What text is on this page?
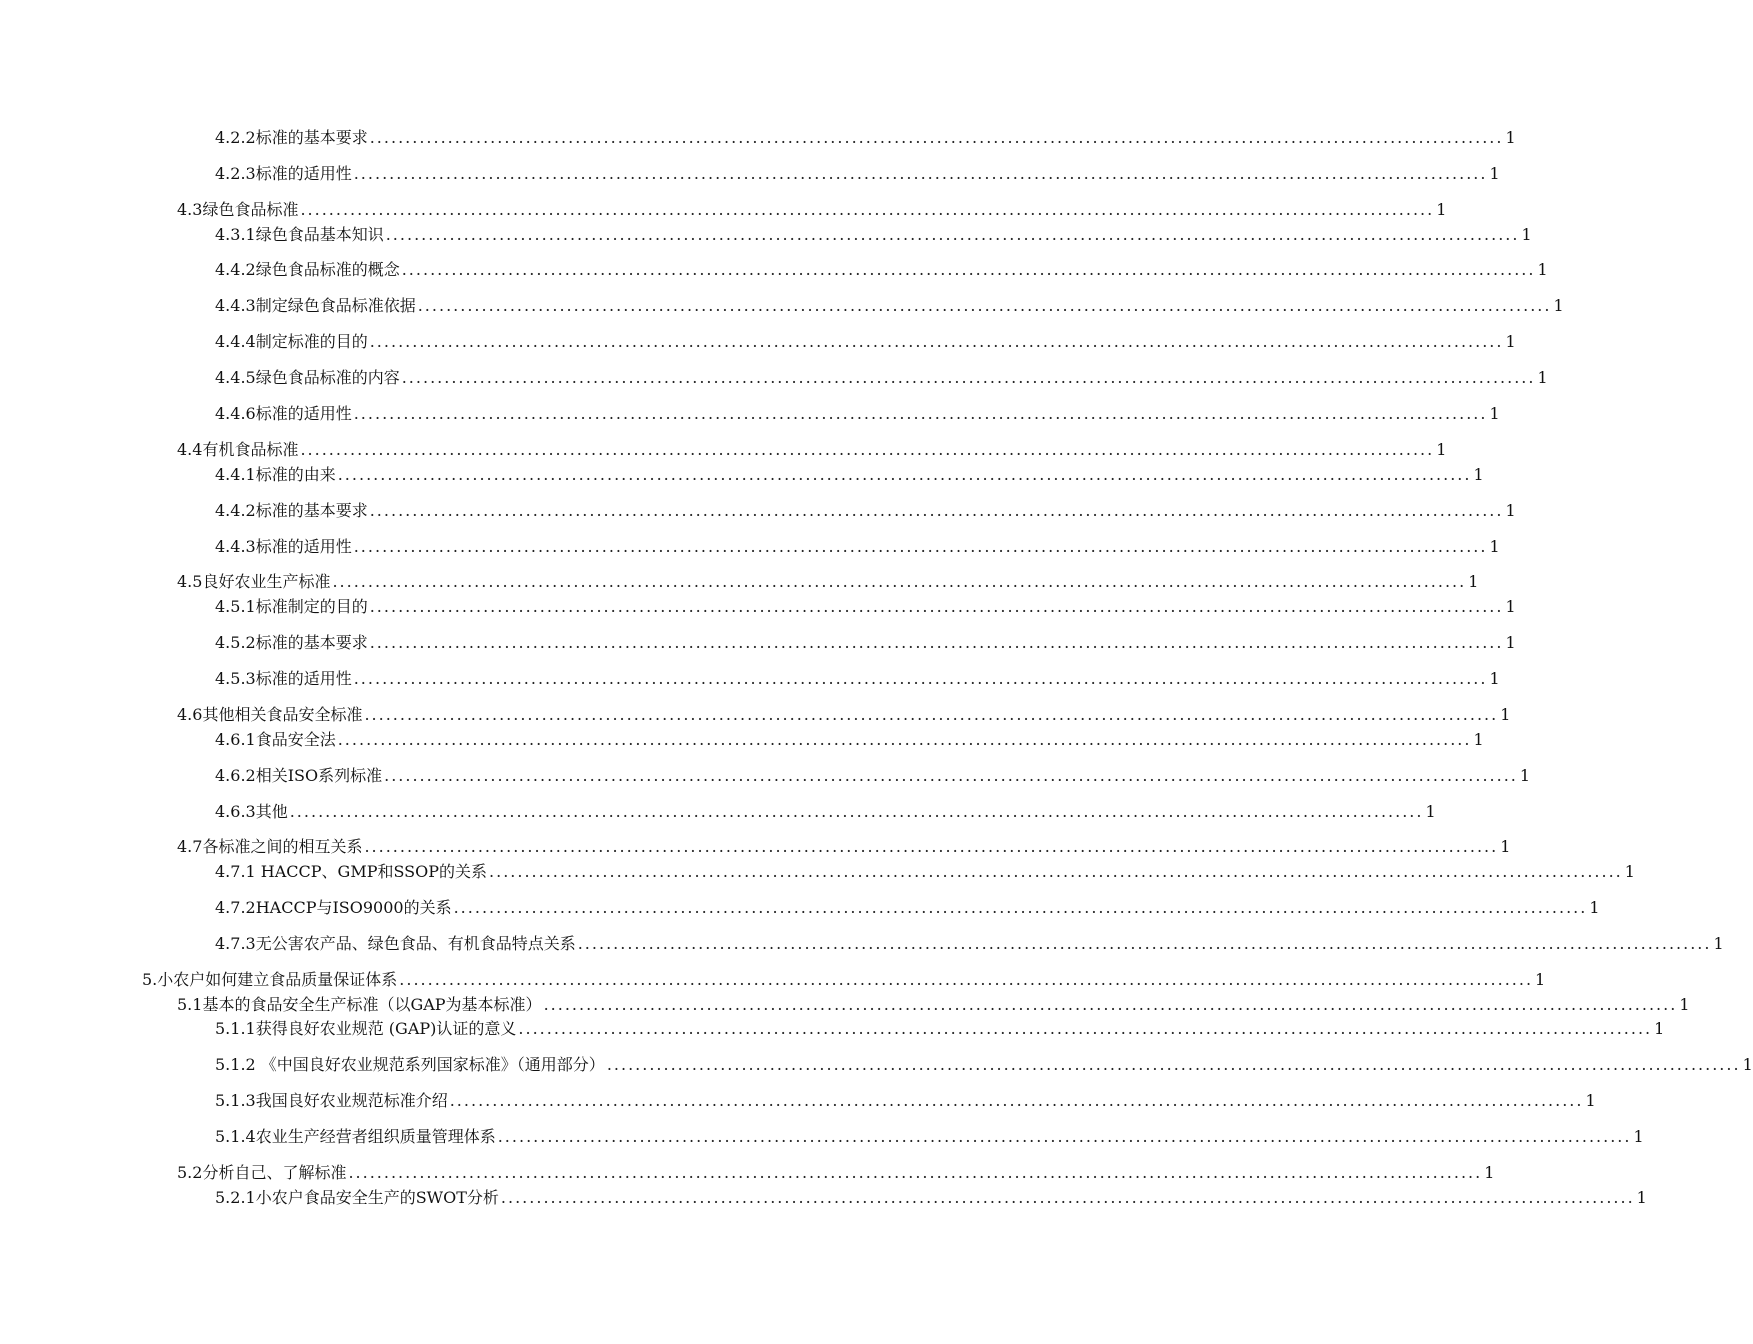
4.2.2标准的基本要求 ................................................................................................................................................................ 1
4.2.3标准的适用性 ................................................................................................................................................................ 1
4.3绿色食品标准 ................................................................................................................................................................ 1
4.3.1绿色食品基本知识 ................................................................................................................................................................ 1
4.4.2绿色食品标准的概念 ................................................................................................................................................................ 1
4.4.3制定绿色食品标准依据 ................................................................................................................................................................ 1
4.4.4制定标准的目的 ................................................................................................................................................................ 1
4.4.5绿色食品标准的内容 ................................................................................................................................................................ 1
4.4.6标准的适用性 ................................................................................................................................................................ 1
4.4有机食品标准 ................................................................................................................................................................ 1
4.4.1标准的由来 ................................................................................................................................................................ 1
4.4.2标准的基本要求 ................................................................................................................................................................ 1
4.4.3标准的适用性 ................................................................................................................................................................ 1
4.5良好农业生产标准 ................................................................................................................................................................ 1
4.5.1标准制定的目的 ................................................................................................................................................................ 1
4.5.2标准的基本要求 ................................................................................................................................................................ 1
4.5.3标准的适用性 ................................................................................................................................................................ 1
4.6其他相关食品安全标准 ................................................................................................................................................................ 1
4.6.1食品安全法 ................................................................................................................................................................ 1
4.6.2相关ISO系列标准 ................................................................................................................................................................ 1
4.6.3其他 ................................................................................................................................................................ 1
4.7各标准之间的相互关系 ................................................................................................................................................................ 1
4.7.1 HACCP、GMP和SSOP的关系 ................................................................................................................................................................ 1
4.7.2HACCP与ISO9000的关系 ................................................................................................................................................................ 1
4.7.3无公害农产品、绿色食品、有机食品特点关系 ................................................................................................................................................................ 1
5.小农户如何建立食品质量保证体系 ................................................................................................................................................................ 1
5.1基本的食品安全生产标准（以GAP为基本标准） ................................................................................................................................................................ 1
5.1.1获得良好农业规范 (GAP)认证的意义 ................................................................................................................................................................ 1
5.1.2 《中国良好农业规范系列国家标准》（通用部分） ................................................................................................................................................................ 1
5.1.3我国良好农业规范标准介绍 ................................................................................................................................................................ 1
5.1.4农业生产经营者组织质量管理体系 ................................................................................................................................................................ 1
5.2分析自己、了解标准 ................................................................................................................................................................ 1
5.2.1小农户食品安全生产的SWOT分析 ................................................................................................................................................................ 1
